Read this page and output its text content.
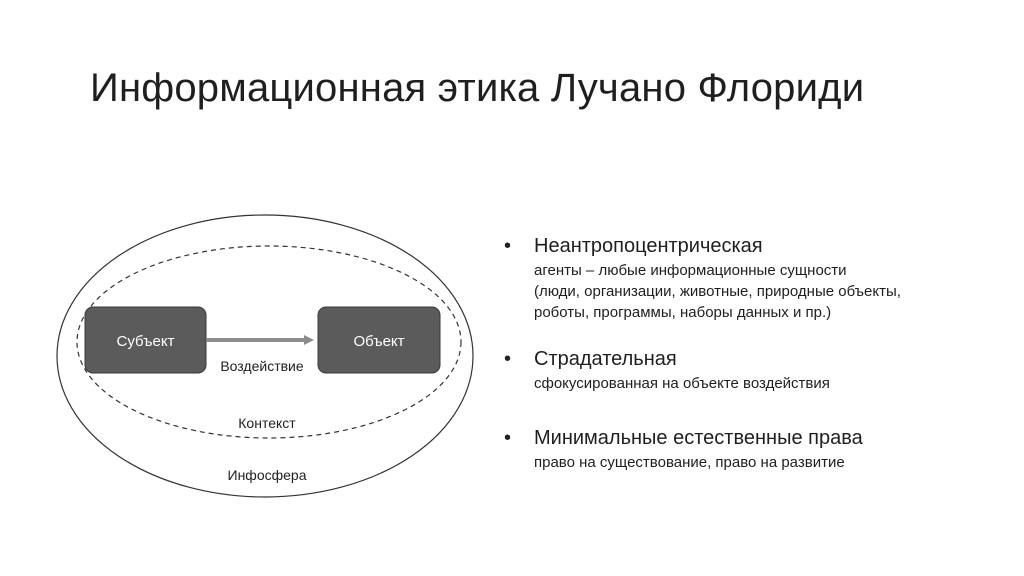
Информационная этика Лучано Флориди
Субъект	Объект
Воздействие
Контекст
Инфосфера
• Неантропоцентрическая
агенты – любые информационные сущности
(люди, организации, животные, природные объекты,
роботы, программы, наборы данных и пр.)
• Страдательная
сфокусированная на объекте воздействия
• Минимальные естественные права
право на существование, право на развитие
